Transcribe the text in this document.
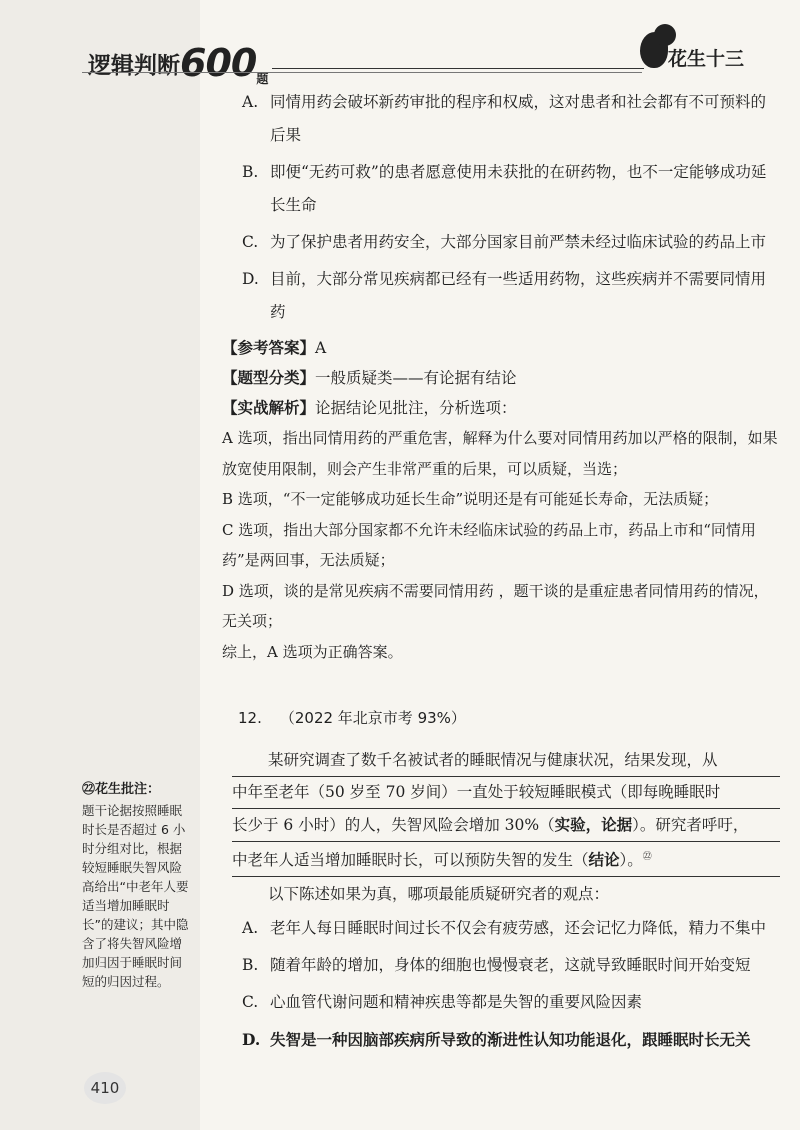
逻辑判断$600_题$
花生十三
A. 同情用药会破坏新药审批的程序和权威，这对患者和社会都有不可预料的后果
B. 即便“无药可救”的患者愿意使用未获批的在研药物，也不一定能够成功延长生命
C. 为了保护患者用药安全，大部分国家目前严禁未经过临床试验的药品上市
D. 目前，大部分常见疾病都已经有一些适用药物，这些疾病并不需要同情用药
【参考答案】A
【题型分类】一般质疑类——有论据有结论
【实战解析】论据结论见批注，分析选项：
A 选项，指出同情用药的严重危害，解释为什么要对同情用药加以严格的限制，如果放宽使用限制，则会产生非常严重的后果，可以质疑，当选；
B 选项，“不一定能够成功延长生命”说明还是有可能延长寿命，无法质疑；
C 选项，指出大部分国家都不允许未经临床试验的药品上市，药品上市和“同情用药”是两回事，无法质疑；
D 选项，谈的是常见疾病不需要同情用药 ，题干谈的是重症患者同情用药的情况，无关项；
综上，A 选项为正确答案。
12. （2022 年北京市考 93%）
某研究调查了数千名被试者的睡眠情况与健康状况，结果发现，从
中年至老年（50 岁至 70 岁间）一直处于较短睡眠模式（即每晚睡眠时
长少于 6 小时）的人，失智风险会增加 30%（实验，论据）。研究者呼吁，
中老年人适当增加睡眠时长，可以预防失智的发生（结论）。$^㉒$
以下陈述如果为真，哪项最能质疑研究者的观点：
A. 老年人每日睡眠时间过长不仅会有疲劳感，还会记忆力降低，精力不集中
B. 随着年龄的增加，身体的细胞也慢慢衰老，这就导致睡眠时间开始变短
C. 心血管代谢问题和精神疾患等都是失智的重要风险因素
D. 失智是一种因脑部疾病所导致的渐进性认知功能退化，跟睡眠时长无关
㉒花生批注：
题干论据按照睡眠时长是否超过 6 小时分组对比，根据较短睡眠失智风险高给出“中老年人要适当增加睡眠时长”的建议；其中隐含了将失智风险增加归因于睡眠时间短的归因过程。
410
